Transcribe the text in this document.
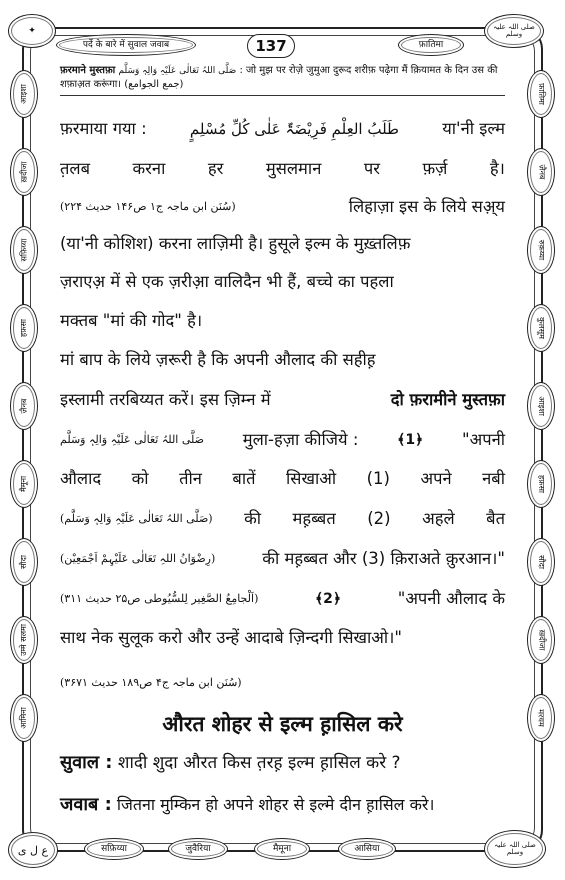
✦
पर्दे के बारे में सुवाल जवाब	137	फ़ातिमा
صلی اللہ علیہ وسلم
आइशा
ख़दीजा
सफ़िय्या
हफ़सा
ज़ैनब
मैमूना
सौदा
उम्मे सलमा
आमिना
फ़ातिमा
ज़ैनब
रुक़य्या
कुलसूम
आइशा
हफ़सा
सौदा
ख़दीजा
मरयम
ع ل ی	सफ़िय्या	जुवैरिया	मैमूना	आसिया	صلی اللہ علیہ وسلم
फ़रमाने मुस्तफ़ा صَلَّی اللہُ تَعَالٰی عَلَیْہِ وَالِہٖ وَسَلَّم : जो मुझ पर रोज़े जुमुआ दुरूद शरीफ़ पढ़ेगा मैं क़ियामत के दिन उस की
शफ़ाअ़त करूंगा। (جمع الجوامع)
फ़रमाया गया :	طَلَبُ العِلْمِ فَرِیْضَۃٌ عَلٰی کُلِّ مُسْلِمٍ	या'नी इल्म
त़लब	करना	हर	मुसलमान	पर	फ़र्ज़	है।
(سُنَن ابن ماجہ ج۱ ص۱۴۶ حدیث ۲۲۴)	लिहाज़ा इस के लिये सअ़्य
(या'नी कोशिश) करना लाज़िमी है। हुसूले इल्म के मुख़्तलिफ़
ज़राएअ़ में से एक ज़रीआ़ वालिदैन भी हैं, बच्चे का पहला
मक्तब "मां की गोद" है।
मां बाप के लिये ज़रूरी है कि अपनी औलाद की सहीह़
इस्लामी तरबिय्यत करें। इस ज़िम्न में	दो फ़रामीने मुस्तफ़ा
صَلَّی اللہُ تَعَالٰی عَلَیْہِ وَالِہٖ وَسَلَّم मुला-हज़ा कीजिये :	﴾1﴿ "अपनी
औलाद को तीन बातें सिखाओ (1) अपने नबी
(صَلَّی اللہُ تَعَالٰی عَلَیْہِ وَالِہٖ وَسَلَّم) की मह़ब्बत (2) अहले बैत
(رِضْوَانُ اللہِ تَعَالٰی عَلَیْہِمْ اَجْمَعِیْن)	की मह़ब्बत और (3) क़िराअते क़ुरआन।"
(اَلْجامِعُ الصَّغِیر لِلسُّیُوطی ص۲۵ حدیث ۳۱۱)	﴾2﴿	"अपनी औलाद के
साथ नेक सुलूक करो और उन्हें आदाबे ज़िन्दगी सिखाओ।"
(سُنَن ابن ماجہ ج۴ ص۱۸۹ حدیث ۳۶۷۱)
औरत शोहर से इल्म ह़ासिल करे
सुवाल : शादी शुदा औरत किस त़रह़ इल्म ह़ासिल करे ?
जवाब : जितना मुम्किन हो अपने शोहर से इल्मे दीन ह़ासिल करे।
